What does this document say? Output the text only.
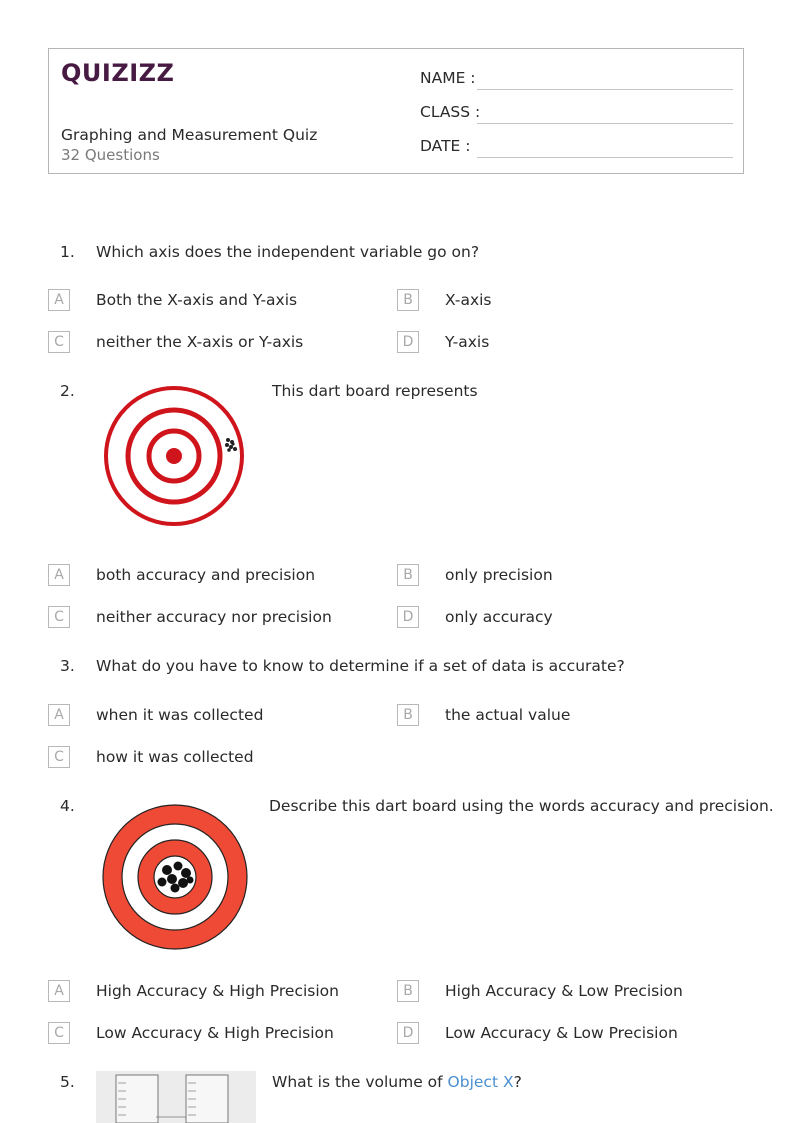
QUIZIZZ
Graphing and Measurement Quiz
32 Questions
NAME :
CLASS :
DATE :
1. Which axis does the independent variable go on?
A	Both the X-axis and Y-axis	B	X-axis
C	neither the X-axis or Y-axis	D	Y-axis
2.	This dart board represents
A	both accuracy and precision	B	only precision
C	neither accuracy nor precision	D	only accuracy
3. What do you have to know to determine if a set of data is accurate?
A	when it was collected	B	the actual value
C	how it was collected
4.	Describe this dart board using the words accuracy and precision.
A	High Accuracy & High Precision	B	High Accuracy & Low Precision
C	Low Accuracy & High Precision	D	Low Accuracy & Low Precision
5.	What is the volume of Object X?
